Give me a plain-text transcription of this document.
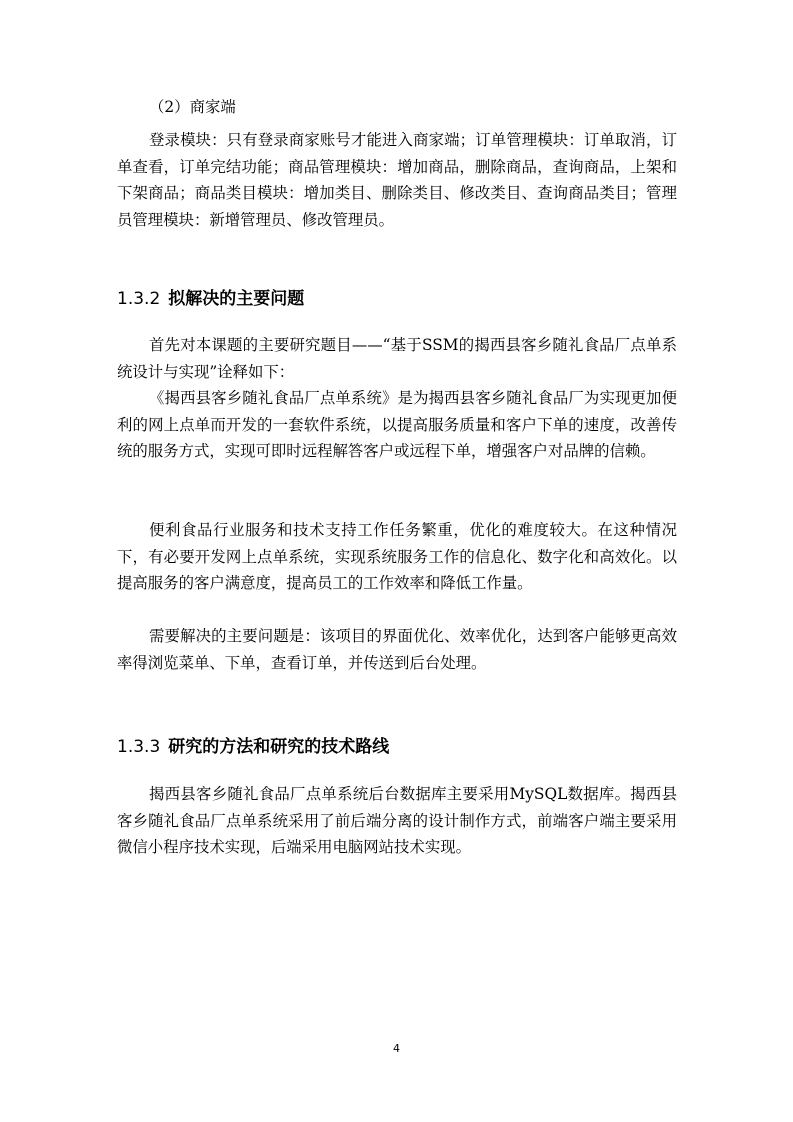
（2）商家端

登录模块：只有登录商家账号才能进入商家端；订单管理模块：订单取消，订单查看，订单完结功能；商品管理模块：增加商品，删除商品，查询商品，上架和下架商品；商品类目模块：增加类目、删除类目、修改类目、查询商品类目；管理员管理模块：新增管理员、修改管理员。

1.3.2 拟解决的主要问题

首先对本课题的主要研究题目——“基于SSM的揭西县客乡随礼食品厂点单系统设计与实现”诠释如下：

《揭西县客乡随礼食品厂点单系统》是为揭西县客乡随礼食品厂为实现更加便利的网上点单而开发的一套软件系统，以提高服务质量和客户下单的速度，改善传统的服务方式，实现可即时远程解答客户或远程下单，增强客户对品牌的信赖。

便利食品行业服务和技术支持工作任务繁重，优化的难度较大。在这种情况下，有必要开发网上点单系统，实现系统服务工作的信息化、数字化和高效化。以提高服务的客户满意度，提高员工的工作效率和降低工作量。

需要解决的主要问题是：该项目的界面优化、效率优化，达到客户能够更高效率得浏览菜单、下单，查看订单，并传送到后台处理。

1.3.3 研究的方法和研究的技术路线

揭西县客乡随礼食品厂点单系统后台数据库主要采用MySQL数据库。揭西县客乡随礼食品厂点单系统采用了前后端分离的设计制作方式，前端客户端主要采用微信小程序技术实现，后端采用电脑网站技术实现。

4
